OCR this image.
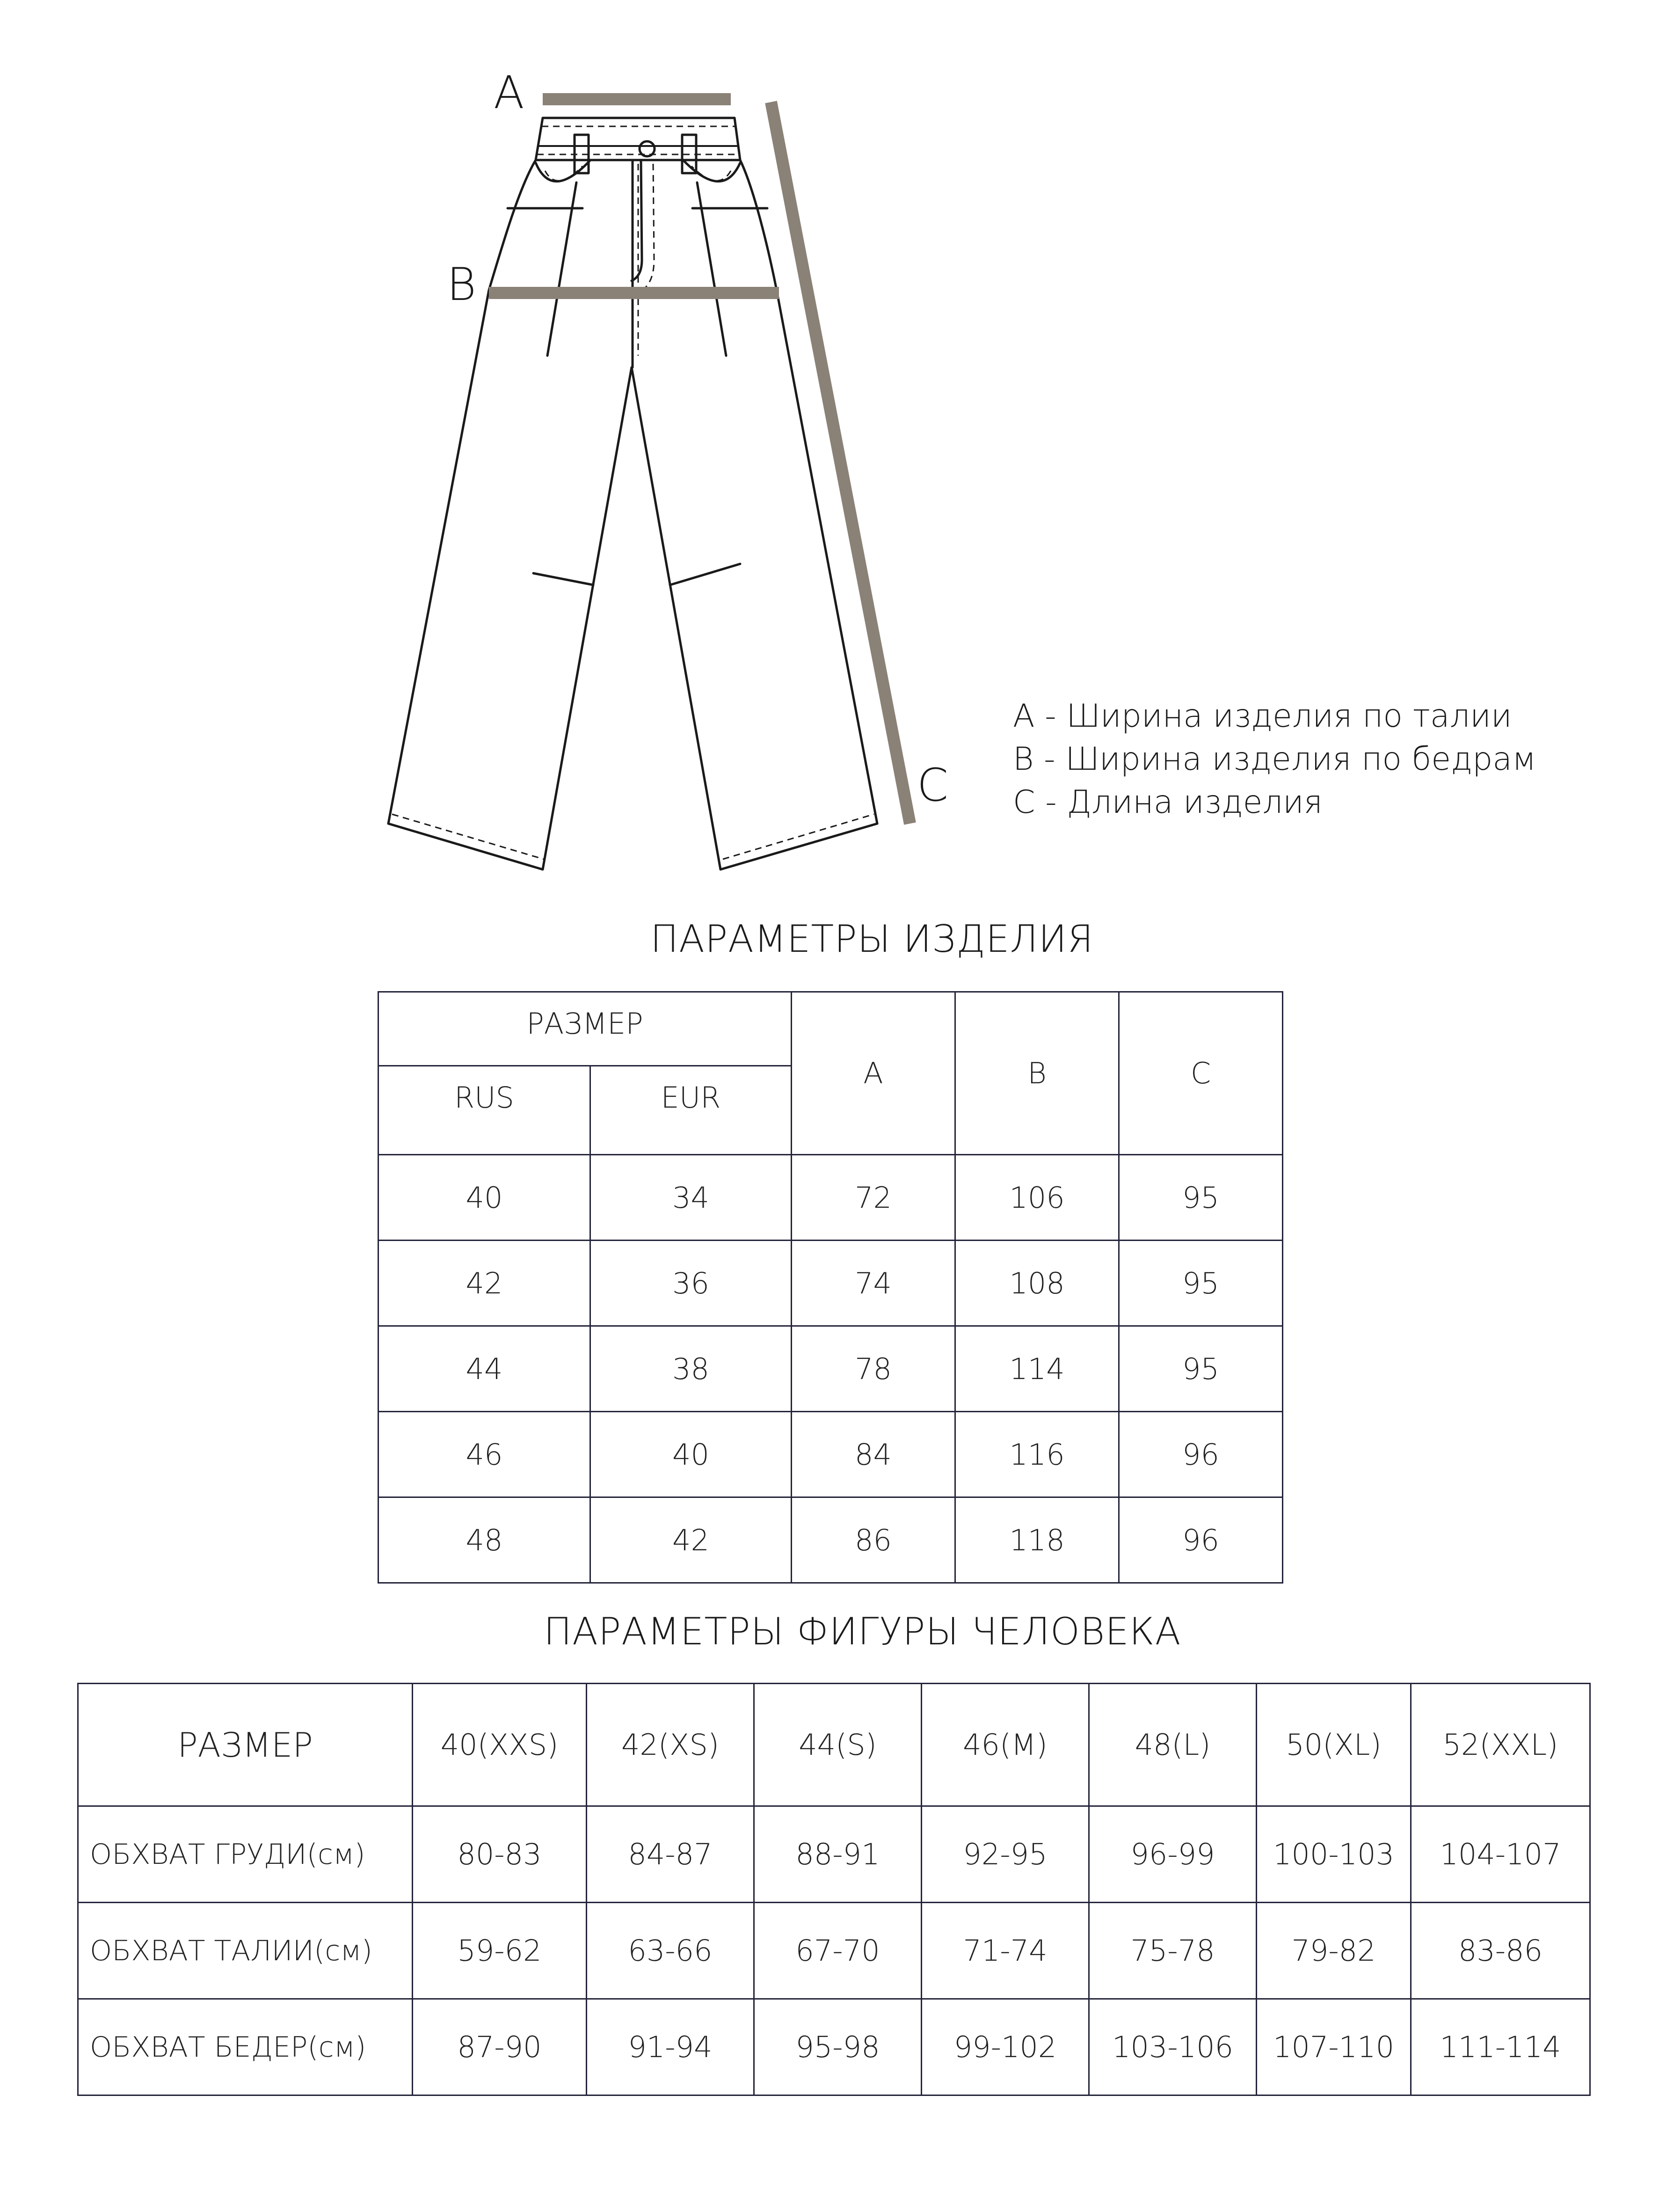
A
B
C
А - Ширина изделия по талии
В - Ширина изделия по бедрам
С - Длина изделия
ПАРАМЕТРЫ ИЗДЕЛИЯ
РАЗМЕР		А	В	С
RUS	EUR			
40	34	72	106	95
42	36	74	108	95
44	38	78	114	95
46	40	84	116	96
48	42	86	118	96
ПАРАМЕТРЫ ФИГУРЫ ЧЕЛОВЕКА
РАЗМЕР	40(XXS)	42(XS)	44(S)	46(M)	48(L)	50(XL)	52(XXL)
ОБХВАТ ГРУДИ(см)	80-83	84-87	88-91	92-95	96-99	100-103	104-107
ОБХВАТ ТАЛИИ(см)	59-62	63-66	67-70	71-74	75-78	79-82	83-86
ОБХВАТ БЕДЕР(см)	87-90	91-94	95-98	99-102	103-106	107-110	111-114
